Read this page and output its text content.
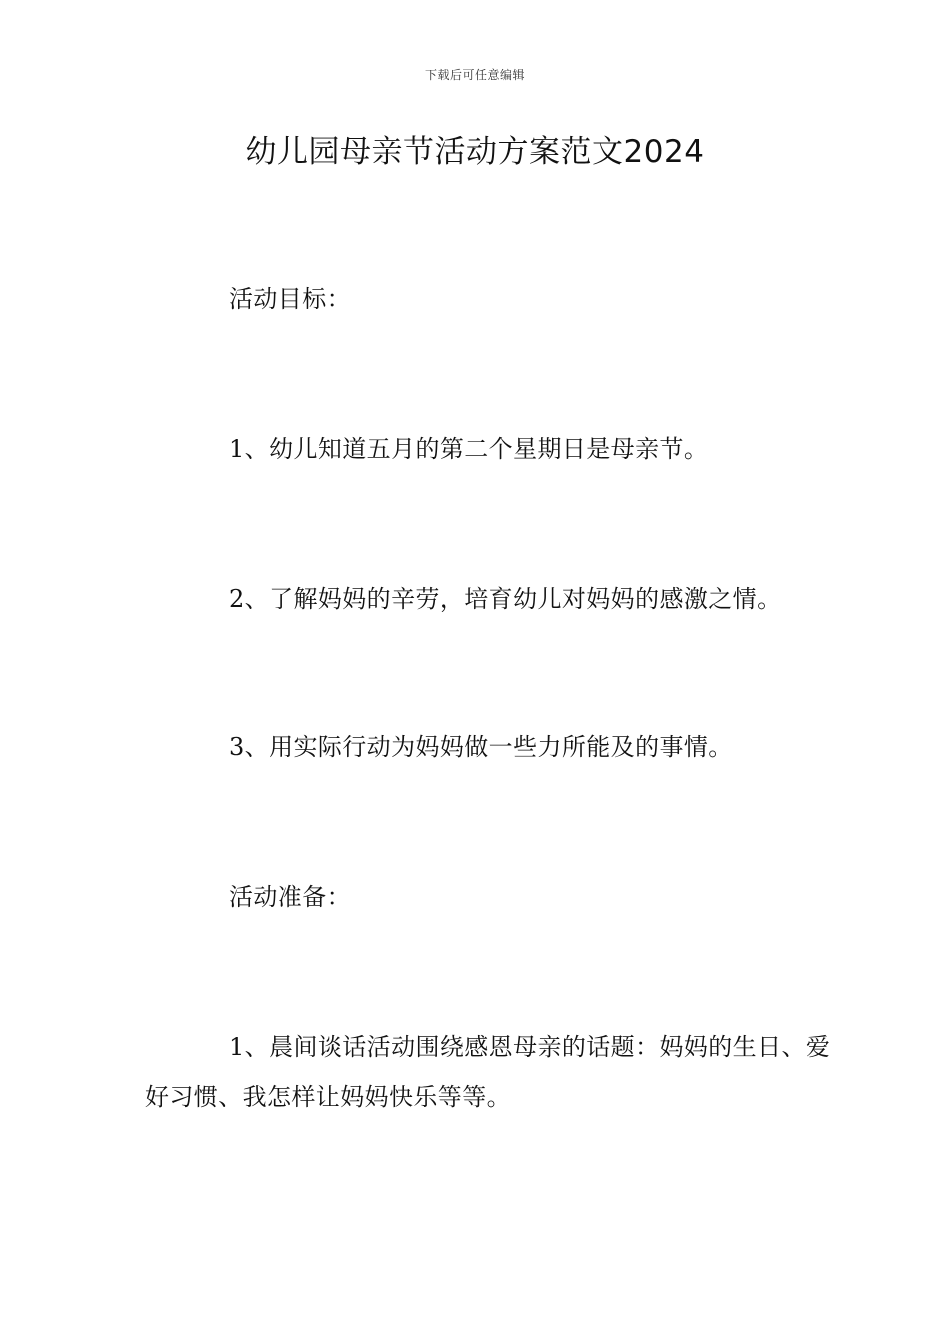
下载后可任意编辑
幼儿园母亲节活动方案范文2024

活动目标：

1、幼儿知道五月的第二个星期日是母亲节。

2、了解妈妈的辛劳，培育幼儿对妈妈的感激之情。

3、用实际行动为妈妈做一些力所能及的事情。

活动准备：

1、晨间谈话活动围绕感恩母亲的话题：妈妈的生日、爱好习惯、我怎样让妈妈快乐等等。
